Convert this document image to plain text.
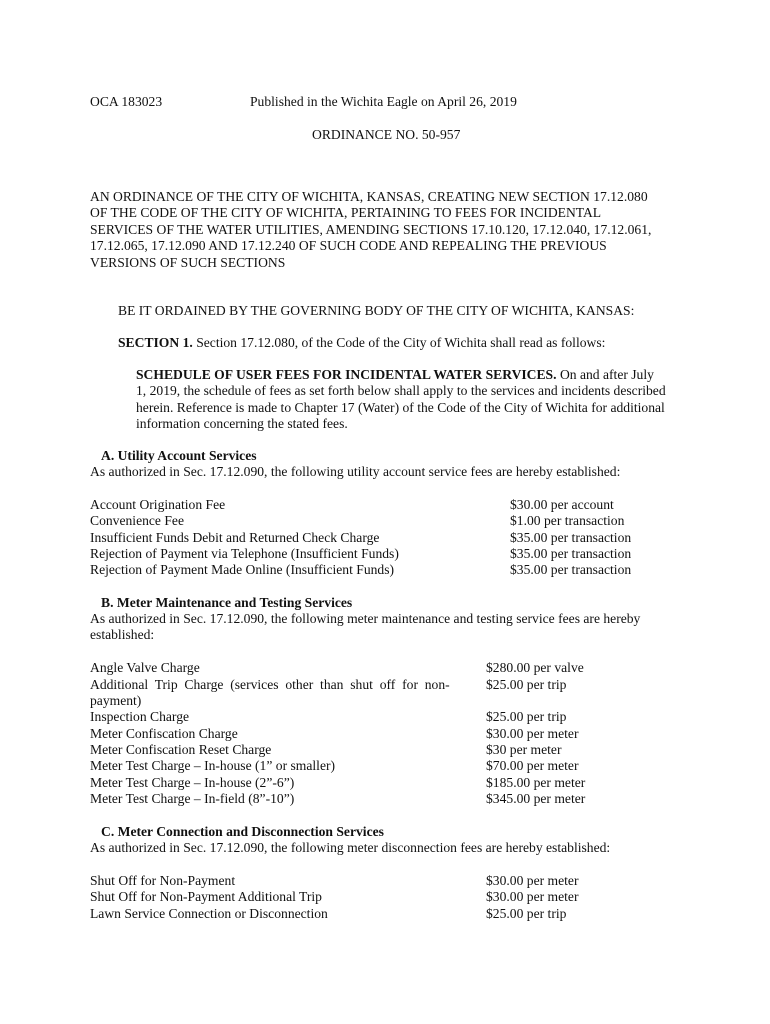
OCA 183023	Published in the Wichita Eagle on April 26, 2019
ORDINANCE NO. 50-957
AN ORDINANCE OF THE CITY OF WICHITA, KANSAS, CREATING NEW SECTION 17.12.080
OF THE CODE OF THE CITY OF WICHITA, PERTAINING TO FEES FOR INCIDENTAL
SERVICES OF THE WATER UTILITIES, AMENDING SECTIONS 17.10.120, 17.12.040, 17.12.061,
17.12.065, 17.12.090 AND 17.12.240 OF SUCH CODE AND REPEALING THE PREVIOUS
VERSIONS OF SUCH SECTIONS
BE IT ORDAINED BY THE GOVERNING BODY OF THE CITY OF WICHITA, KANSAS:
SECTION 1. Section 17.12.080, of the Code of the City of Wichita shall read as follows:
SCHEDULE OF USER FEES FOR INCIDENTAL WATER SERVICES. On and after July
1, 2019, the schedule of fees as set forth below shall apply to the services and incidents described
herein. Reference is made to Chapter 17 (Water) of the Code of the City of Wichita for additional
information concerning the stated fees.
A. Utility Account Services
As authorized in Sec. 17.12.090, the following utility account service fees are hereby established:
Account Origination Fee	$30.00 per account
Convenience Fee	$1.00 per transaction
Insufficient Funds Debit and Returned Check Charge	$35.00 per transaction
Rejection of Payment via Telephone (Insufficient Funds)	$35.00 per transaction
Rejection of Payment Made Online (Insufficient Funds)	$35.00 per transaction
B. Meter Maintenance and Testing Services
As authorized in Sec. 17.12.090, the following meter maintenance and testing service fees are hereby
established:
Angle Valve Charge	$280.00 per valve
Additional  Trip  Charge  (services  other  than  shut  off  for  non-	$25.00 per trip
payment)
Inspection Charge	$25.00 per trip
Meter Confiscation Charge	$30.00 per meter
Meter Confiscation Reset Charge	$30 per meter
Meter Test Charge – In-house (1” or smaller)	$70.00 per meter
Meter Test Charge – In-house (2”-6”)	$185.00 per meter
Meter Test Charge – In-field (8”-10”)	$345.00 per meter
C. Meter Connection and Disconnection Services
As authorized in Sec. 17.12.090, the following meter disconnection fees are hereby established:
Shut Off for Non-Payment	$30.00 per meter
Shut Off for Non-Payment Additional Trip	$30.00 per meter
Lawn Service Connection or Disconnection	$25.00 per trip
